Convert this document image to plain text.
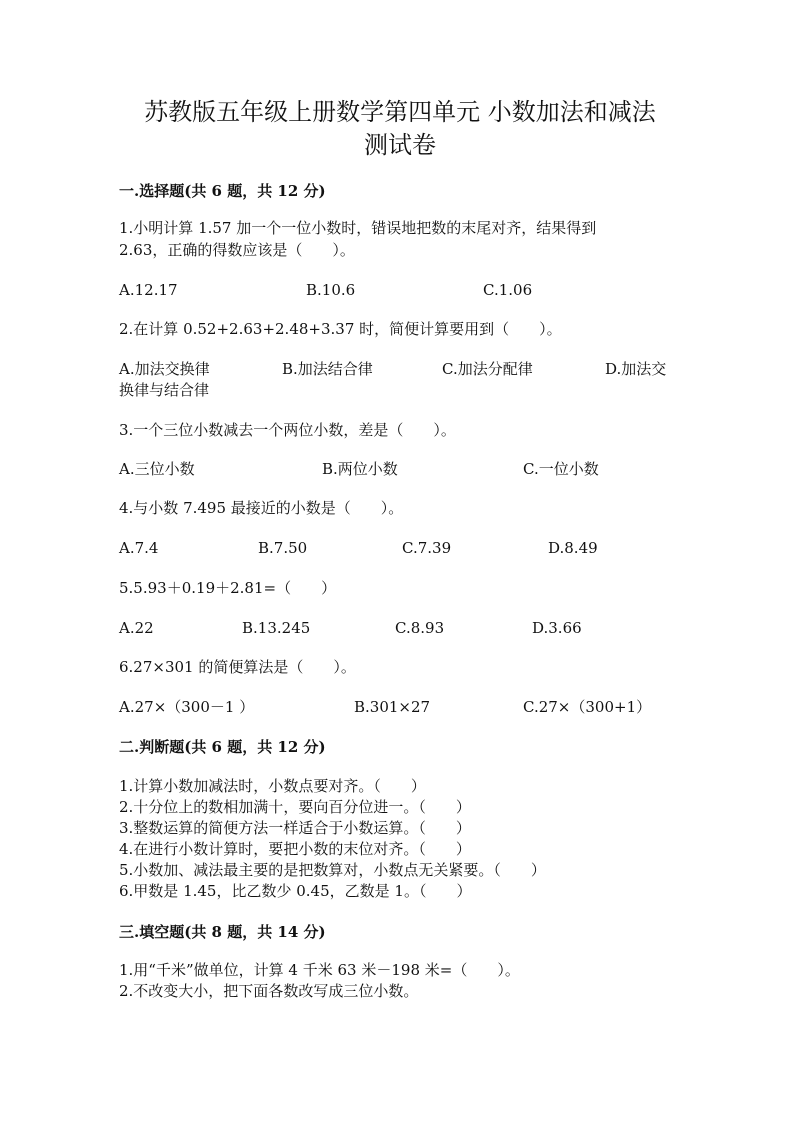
苏教版五年级上册数学第四单元 小数加法和减法
测试卷
一.选择题(共 6 题，共 12 分)
1.小明计算 1.57 加一个一位小数时，错误地把数的末尾对齐，结果得到
2.63，正确的得数应该是（　　）。
A.12.17	B.10.6	C.1.06
2.在计算 0.52+2.63+2.48+3.37 时，简便计算要用到（　　）。
A.加法交换律	B.加法结合律	C.加法分配律	D.加法交
换律与结合律
3.一个三位小数减去一个两位小数，差是（　　）。
A.三位小数	B.两位小数	C.一位小数
4.与小数 7.495 最接近的小数是（　　）。
A.7.4	B.7.50	C.7.39	D.8.49
5.5.93＋0.19＋2.81=（　　）
A.22	B.13.245	C.8.93	D.3.66
6.27×301 的简便算法是（　　）。
A.27×（300－1 ）	B.301×27	C.27×（300+1）
二.判断题(共 6 题，共 12 分)
1.计算小数加减法时，小数点要对齐。（　　）
2.十分位上的数相加满十，要向百分位进一。（　　）
3.整数运算的简便方法一样适合于小数运算。（　　）
4.在进行小数计算时，要把小数的末位对齐。（　　）
5.小数加、减法最主要的是把数算对，小数点无关紧要。（　　）
6.甲数是 1.45，比乙数少 0.45，乙数是 1。（　　）
三.填空题(共 8 题，共 14 分)
1.用“千米”做单位，计算 4 千米 63 米－198 米=（　　）。
2.不改变大小，把下面各数改写成三位小数。
